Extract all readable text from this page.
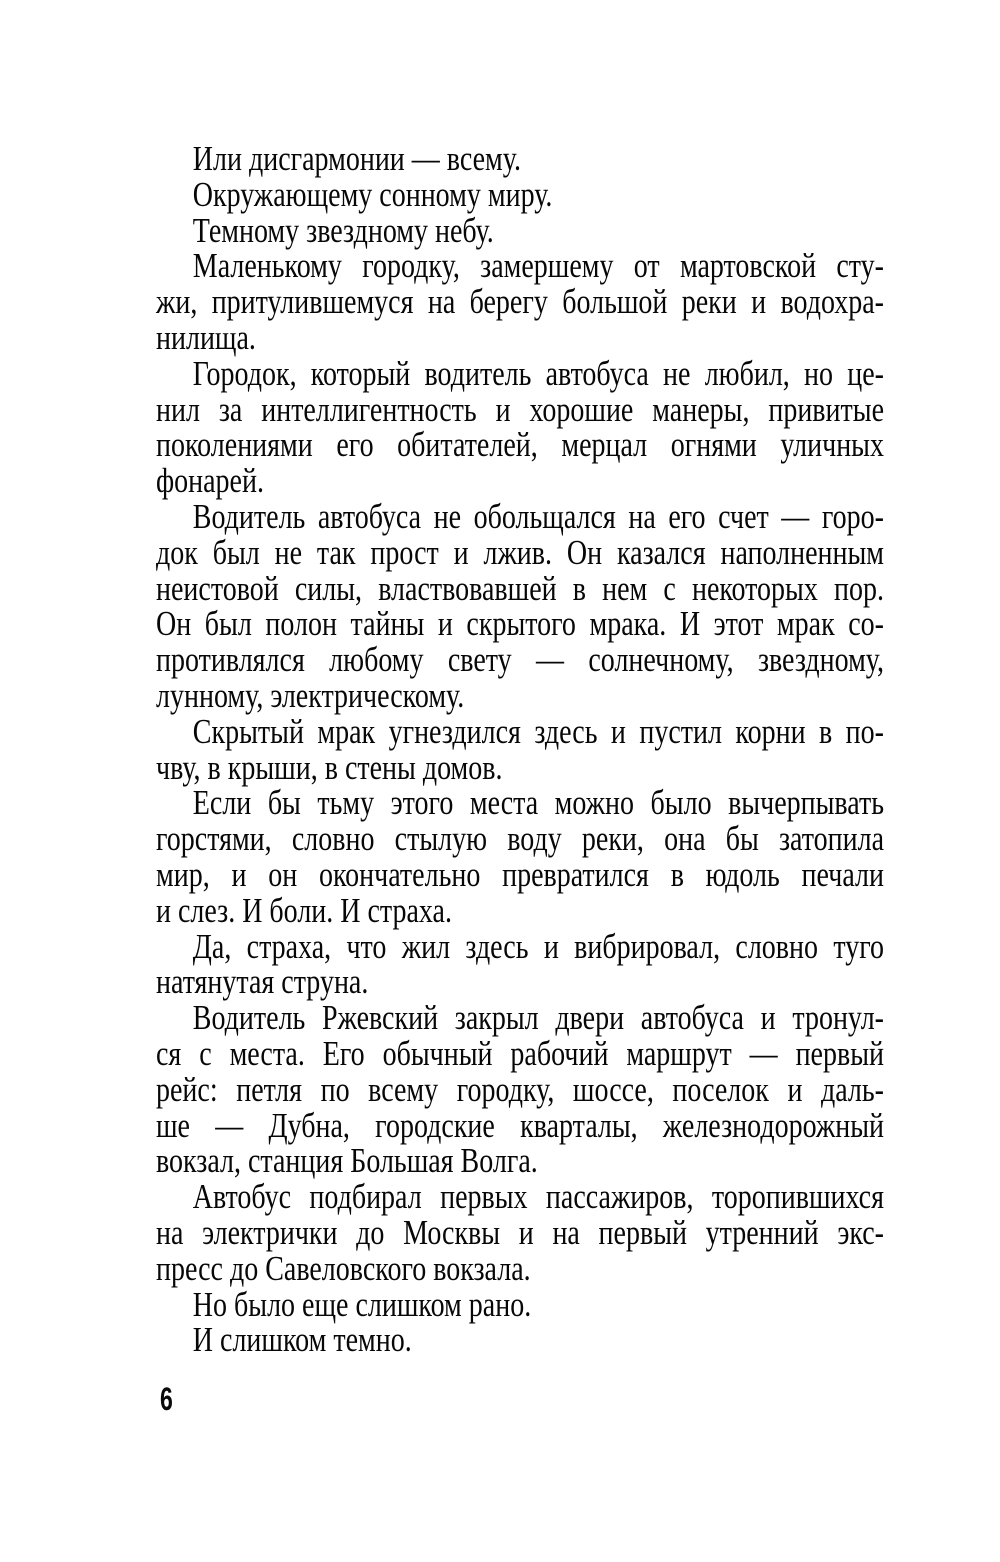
Или дисгармонии — всему.
Окружающему сонному миру.
Темному звездному небу.
Маленькому городку, замершему от мартовской сту-
жи, притулившемуся на берегу большой реки и водохра-
нилища.
Городок, который водитель автобуса не любил, но це-
нил за интеллигентность и хорошие манеры, привитые
поколениями его обитателей, мерцал огнями уличных
фонарей.
Водитель автобуса не обольщался на его счет — горо-
док был не так прост и лжив. Он казался наполненным
неистовой силы, властвовавшей в нем с некоторых пор.
Он был полон тайны и скрытого мрака. И этот мрак со-
противлялся любому свету — солнечному, звездному,
лунному, электрическому.
Скрытый мрак угнездился здесь и пустил корни в по-
чву, в крыши, в стены домов.
Если бы тьму этого места можно было вычерпывать
горстями, словно стылую воду реки, она бы затопила
мир, и он окончательно превратился в юдоль печали
и слез. И боли. И страха.
Да, страха, что жил здесь и вибрировал, словно туго
натянутая струна.
Водитель Ржевский закрыл двери автобуса и тронул-
ся с места. Его обычный рабочий маршрут — первый
рейс: петля по всему городку, шоссе, поселок и даль-
ше — Дубна, городские кварталы, железнодорожный
вокзал, станция Большая Волга.
Автобус подбирал первых пассажиров, торопившихся
на электрички до Москвы и на первый утренний экс-
пресс до Савеловского вокзала.
Но было еще слишком рано.
И слишком темно.
6
